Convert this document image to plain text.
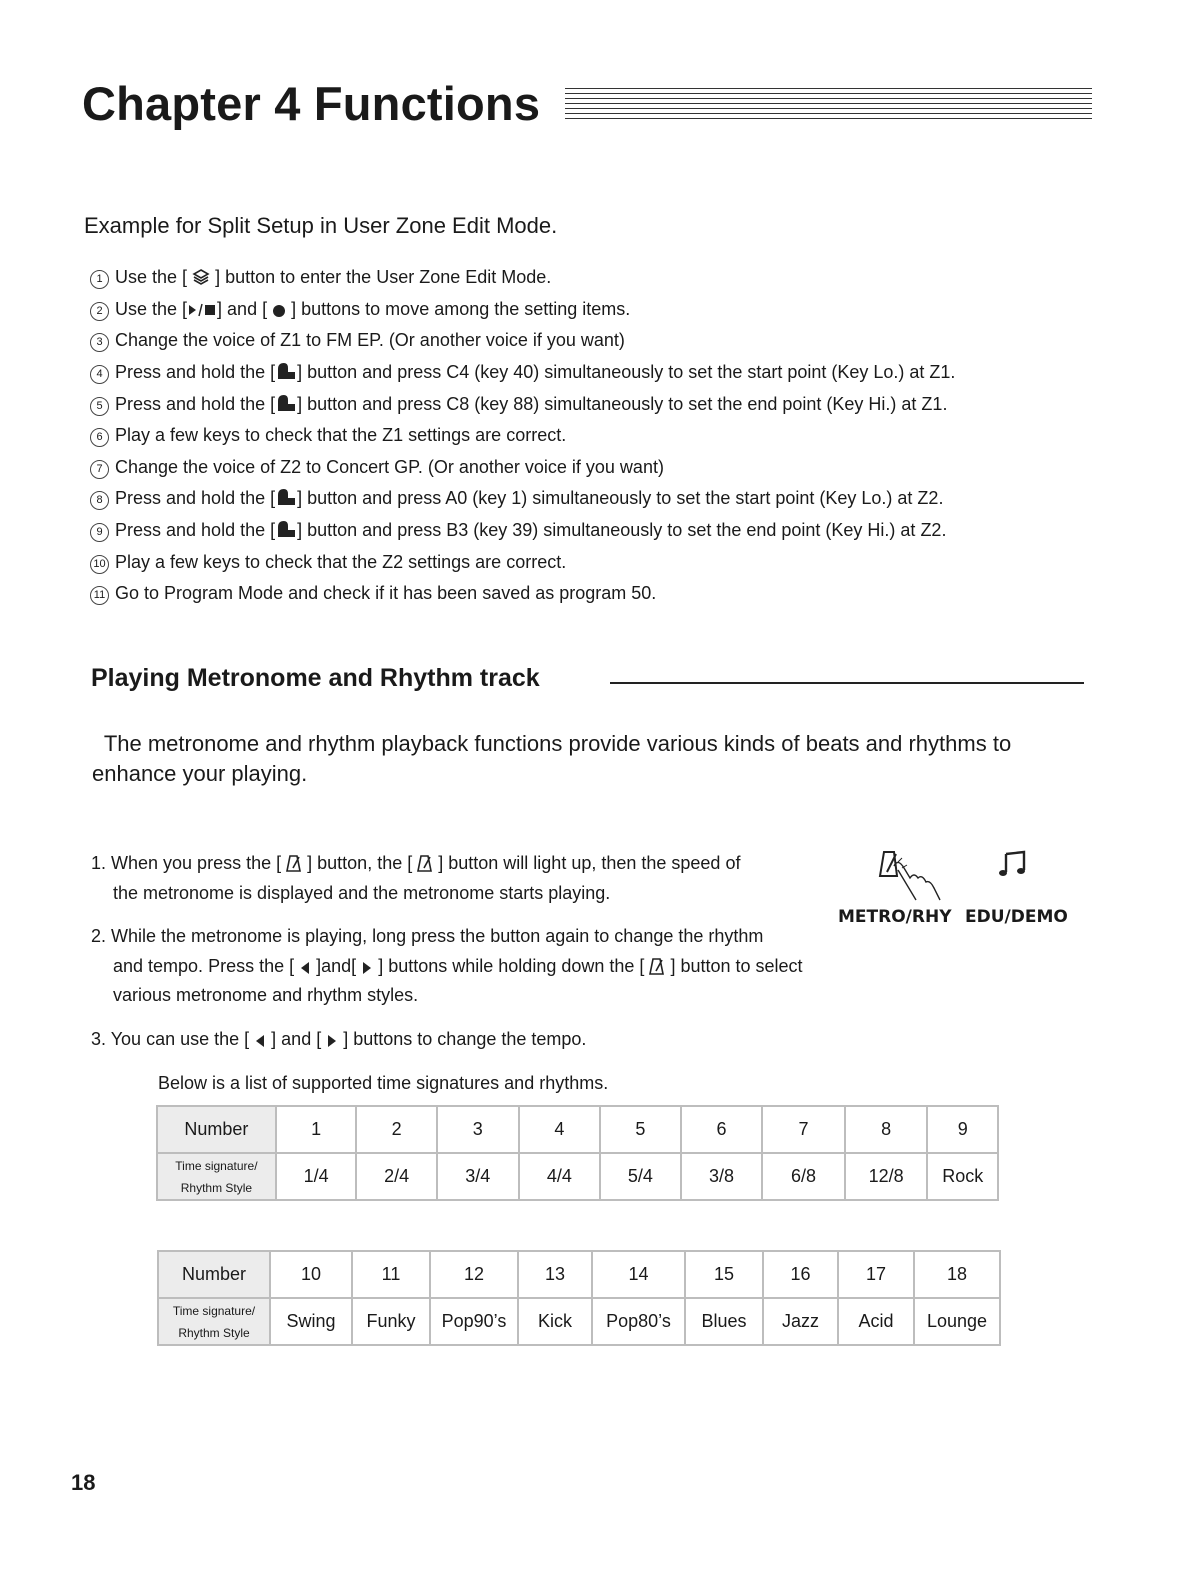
Chapter 4 Functions
Example for Split Setup in User Zone Edit Mode.
1 Use the [ ] button to enter the User Zone Edit Mode.
2 Use the [ ] and [ ] buttons to move among the setting items.
3 Change the voice of Z1 to FM EP. (Or another voice if you want)
4 Press and hold the [ ] button and press C4 (key 40) simultaneously to set the start point (Key Lo.) at Z1.
5 Press and hold the [ ] button and press C8 (key 88) simultaneously to set the end point (Key Hi.) at Z1.
6 Play a few keys to check that the Z1 settings are correct.
7 Change the voice of Z2 to Concert GP. (Or another voice if you want)
8 Press and hold the [ ] button and press A0 (key 1) simultaneously to set the start point (Key Lo.) at Z2.
9 Press and hold the [ ] button and press B3 (key 39) simultaneously to set the end point (Key Hi.) at Z2.
10 Play a few keys to check that the Z2 settings are correct.
11 Go to Program Mode and check if it has been saved as program 50.
Playing Metronome and Rhythm track
The metronome and rhythm playback functions provide various kinds of beats and rhythms to
enhance your playing.
1. When you press the [ ] button, the [ ] button will light up, then the speed of
the metronome is displayed and the metronome starts playing.
2. While the metronome is playing, long press the button again to change the rhythm
and tempo. Press the [ ]and[ ] buttons while holding down the [ ] button to select
various metronome and rhythm styles.
3. You can use the [ ] and [ ] buttons to change the tempo.
METRO/RHY EDU/DEMO
Below is a list of supported time signatures and rhythms.
Number	1	2	3	4	5	6	7	8	9
Time signature/
Rhythm Style	1/4	2/4	3/4	4/4	5/4	3/8	6/8	12/8	Rock
Number	10	11	12	13	14	15	16	17	18
Time signature/
Rhythm Style	Swing	Funky	Pop90’s	Kick	Pop80’s	Blues	Jazz	Acid	Lounge
18
